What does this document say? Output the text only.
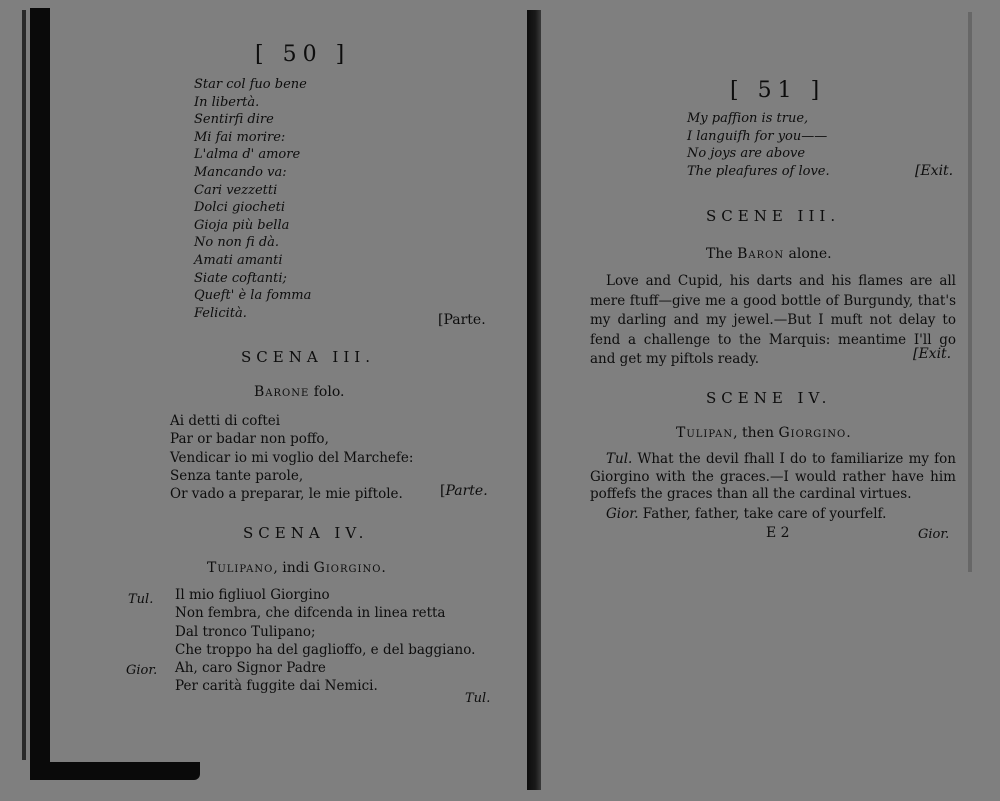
[ 50 ]
Star col fuo bene
In libertà.
Sentirfi dire
Mi fai morire:
L'alma d' amore
Mancando va:
Cari vezzetti
Dolci giocheti
Gioja più bella
No non fi dà.
Amati amanti
Siate coftanti;
Queft' è la fomma
Felicità.	[Parte.
SCENA III.
Barone folo.
Ai detti di coftei
Par or badar non poffo,
Vendicar io mi voglio del Marchefe:
Senza tante parole,
Or vado a preparar, le mie piftole.	[Parte.
SCENA IV.
Tulipano, indi Giorgino.
Tul. Il mio figliuol Giorgino
Non fembra, che difcenda in linea retta
Dal tronco Tulipano;
Che troppo ha del gaglioffo, e del baggiano.
Gior. Ah, caro Signor Padre
Per carità fuggite dai Nemici.
Tul.
[ 51 ]
My paffion is true,
I languifh for you——
No joys are above
The pleafures of love.	[Exit.
SCENE III.
The Baron alone.
Love and Cupid, his darts and his flames are all mere ftuff—give me a good bottle of Burgundy, that's my darling and my jewel.—But I muft not delay to fend a challenge to the Marquis: meantime I'll go and get my piftols ready.	[Exit.
SCENE IV.
Tulipan, then Giorgino.
Tul. What the devil fhall I do to familiarize my fon Giorgino with the graces.—I would rather have him poffefs the graces than all the cardinal virtues.
Gior. Father, father, take care of yourfelf.
E 2	Gior.
